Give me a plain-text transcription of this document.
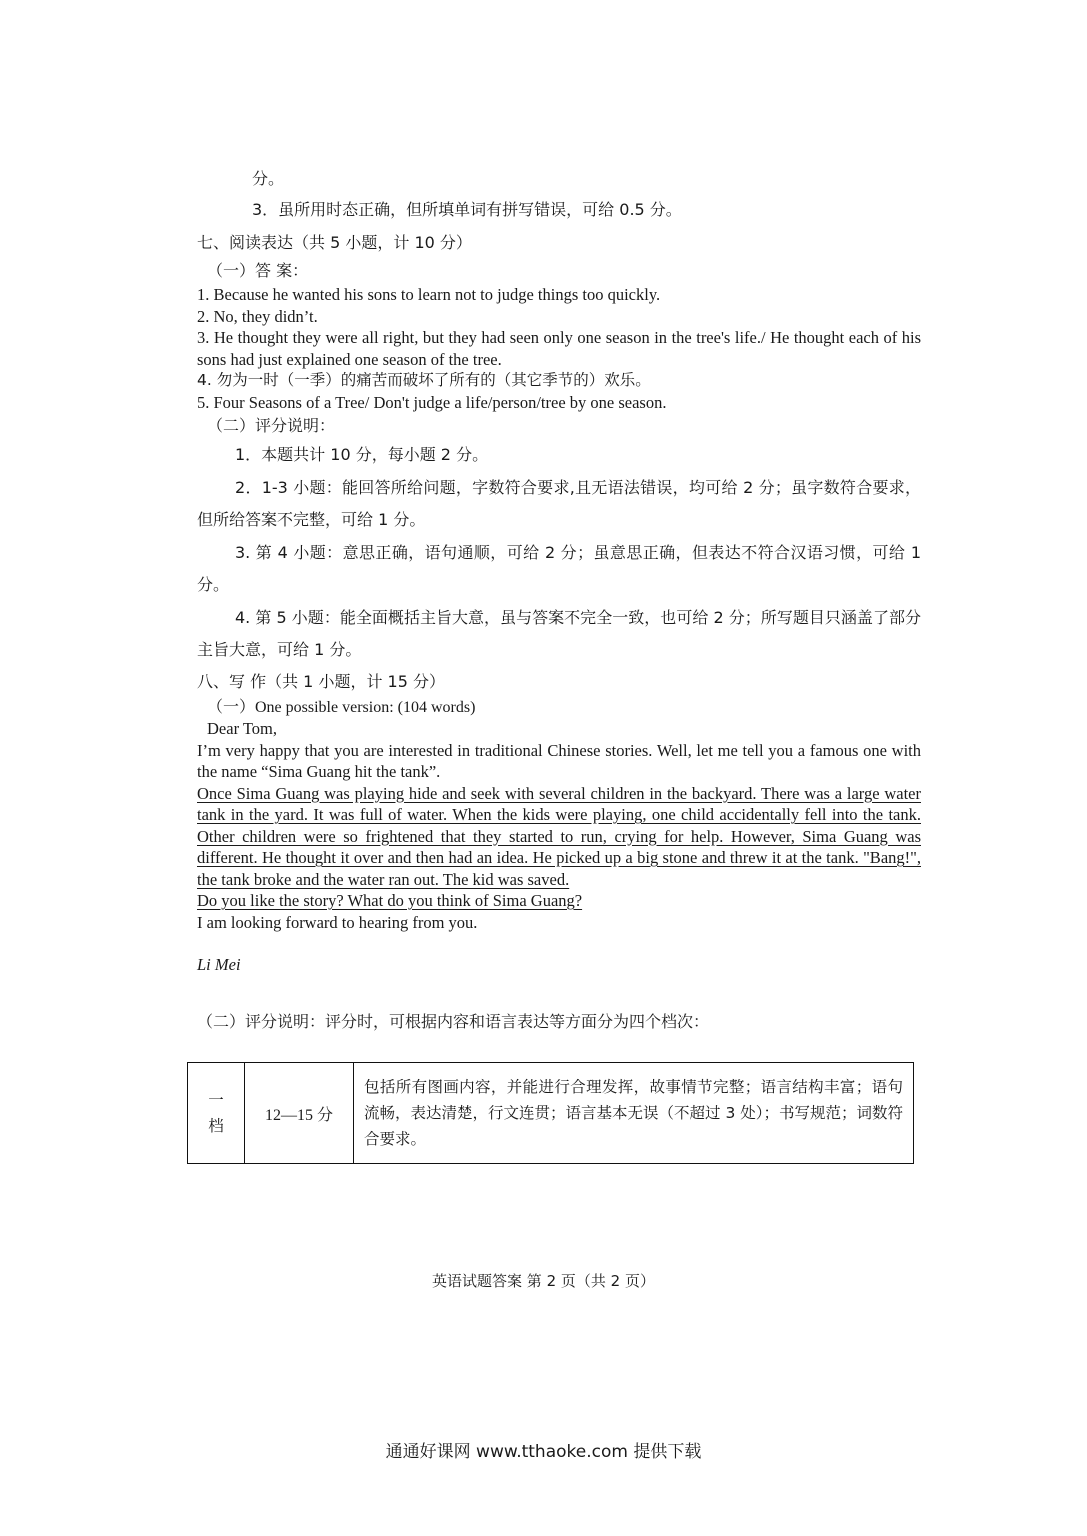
分。
3．虽所用时态正确，但所填单词有拼写错误，可给 0.5 分。
七、阅读表达（共 5 小题，计 10 分）
（一）答 案：
1. Because he wanted his sons to learn not to judge things too quickly.
2. No, they didn’t.
3. He thought they were all right, but they had seen only one season in the tree's life./ He thought each of his sons had just explained one season of the tree.
4. 勿为一时（一季）的痛苦而破坏了所有的（其它季节的）欢乐。
5. Four Seasons of a Tree/ Don't judge a life/person/tree by one season.
（二）评分说明：
1．本题共计 10 分，每小题 2 分。
2．1-3 小题：能回答所给问题，字数符合要求,且无语法错误，均可给 2 分；虽字数符合要求，但所给答案不完整，可给 1 分。
3. 第 4 小题：意思正确，语句通顺，可给 2 分；虽意思正确，但表达不符合汉语习惯，可给 1 分。
4. 第 5 小题：能全面概括主旨大意，虽与答案不完全一致，也可给 2 分；所写题目只涵盖了部分主旨大意，可给 1 分。
八、写 作（共 1 小题，计 15 分）
（一）One possible version: (104 words)
Dear Tom,
I’m very happy that you are interested in traditional Chinese stories. Well, let me tell you a famous one with the name “Sima Guang hit the tank”.
Once Sima Guang was playing hide and seek with several children in the backyard. There was a large water tank in the yard. It was full of water. When the kids were playing, one child accidentally fell into the tank. Other children were so frightened that they started to run, crying for help. However, Sima Guang was different. He thought it over and then had an idea. He picked up a big stone and threw it at the tank. "Bang!", the tank broke and the water ran out. The kid was saved.
Do you like the story? What do you think of Sima Guang?
I am looking forward to hearing from you.
Li Mei
（二）评分说明：评分时，可根据内容和语言表达等方面分为四个档次：
一档	12—15 分	包括所有图画内容，并能进行合理发挥，故事情节完整；语言结构丰富；语句流畅，表达清楚，行文连贯；语言基本无误（不超过 3 处）；书写规范；词数符合要求。
英语试题答案 第 2 页（共 2 页）
通通好课网 www.tthaoke.com 提供下载
